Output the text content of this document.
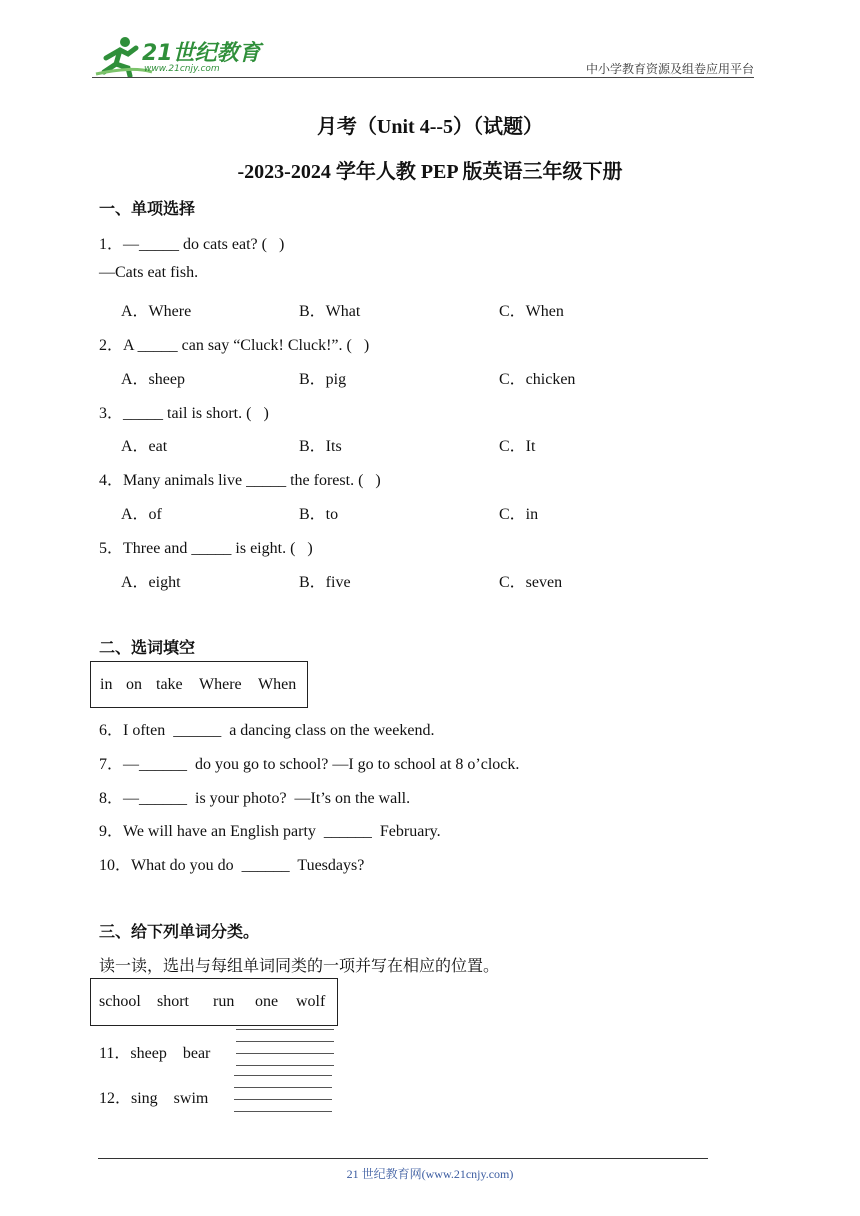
21世纪教育
www.21cnjy.com	中小学教育资源及组卷应用平台
月考（Unit 4--5）（试题）
-2023-2024 学年人教 PEP 版英语三年级下册
一、单项选择
1．—_____ do cats eat? (   )
—Cats eat fish.
A．Where	B．What	C．When
2．A _____ can say “Cluck! Cluck!”. (   )
A．sheep	B．pig	C．chicken
3．_____ tail is short. (   )
A．eat	B．Its	C．It
4．Many animals live _____ the forest. (   )
A．of	B．to	C．in
5．Three and _____ is eight. (   )
A．eight	B．five	C．seven
二、选词填空
in on take Where When
6．I often  ______  a dancing class on the weekend.
7．—______  do you go to school? —I go to school at 8 o’clock.
8．—______  is your photo?  —It’s on the wall.
9．We will have an English party  ______  February.
10．What do you do  ______  Tuesdays?
三、给下列单词分类。
读一读，选出与每组单词同类的一项并写在相应的位置。
school short run one wolf
11．sheep    bear
12．sing    swim
21 世纪教育网(www.21cnjy.com)
